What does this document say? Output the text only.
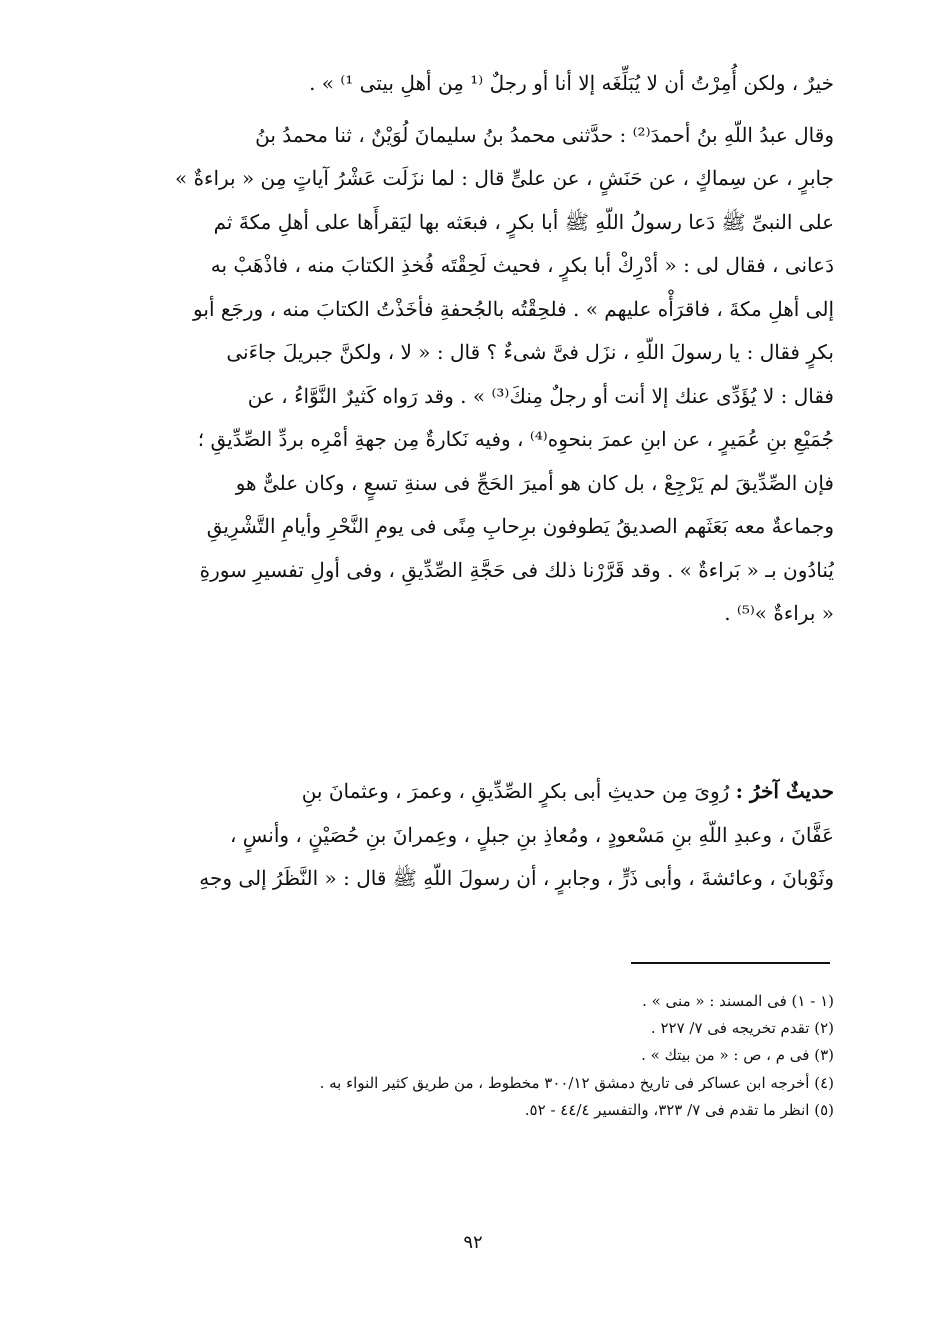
خيرٌ ، ولكن أُمِرْتُ أن لا يُبَلِّغَه إلا أنا أو رجلٌ ⁽¹ مِن أهلِ بيتى ¹⁾ » .
وقال عبدُ اللّهِ بنُ أحمدَ⁽²⁾ : حدَّثنى محمدُ بنُ سليمانَ لُوَيْنٌ ، ثنا محمدُ بنُ
جابرٍ ، عن سِماكٍ ، عن حَنَشٍ ، عن علىٍّ قال : لما نزَلَت عَشْرُ آياتٍ مِن « براءةٌ »
على النبىِّ ﷺ دَعا رسولُ اللّهِ ﷺ أبا بكرٍ ، فبعَثه بها ليَقرأَها على أهلِ مكةَ ثم
دَعانى ، فقال لى : « أدْرِكْ أبا بكرٍ ، فحيث لَحِقْتَه فُخذِ الكتابَ منه ، فاذْهَبْ به
إلى أهلِ مكةَ ، فاقرَأْه عليهم » . فلحِقْتُه بالجُحفةِ فأخَذْتُ الكتابَ منه ، ورجَع أبو
بكرٍ فقال : يا رسولَ اللّهِ ، نزَل فىَّ شىءٌ ؟ قال : « لا ، ولكنَّ جبريلَ جاءَنى
فقال : لا يُؤَدِّى عنك إلا أنت أو رجلٌ مِنكَ⁽³⁾ » . وقد رَواه كَثيرٌ النَّوَّاءُ ، عن
جُمَيْعِ بنِ عُمَيرٍ ، عن ابنِ عمرَ بنحوِه⁽⁴⁾ ، وفيه نَكارةٌ مِن جهةِ أمْرِه بردِّ الصِّدِّيقِ ؛
فإن الصِّدِّيقَ لم يَرْجِعْ ، بل كان هو أميرَ الحَجِّ فى سنةِ تسعٍ ، وكان علىٌّ هو
وجماعةٌ معه بَعَثَهم الصديقُ يَطوفون برِحابِ مِنًى فى يومِ النَّحْرِ وأيامِ التَّشْرِيقِ
يُنادُون بـ « بَراءةٌ » . وقد قَرَّرْنا ذلك فى حَجَّةِ الصِّدِّيقِ ، وفى أولِ تفسيرِ سورةِ
« براءةٌ »⁽⁵⁾ .
حديثٌ آخرُ : رُوِىَ مِن حديثِ أبى بكرٍ الصِّدِّيقِ ، وعمرَ ، وعثمانَ بنِ
عَفَّانَ ، وعبدِ اللّهِ بنِ مَسْعودٍ ، ومُعاذِ بنِ جبلٍ ، وعِمرانَ بنِ حُصَيْنٍ ، وأنسٍ ،
وثَوْبانَ ، وعائشةَ ، وأبى ذَرٍّ ، وجابرٍ ، أن رسولَ اللّهِ ﷺ قال : « النَّظَرُ إلى وجهِ
(١ - ١) فى المسند : « منى » .
(٢) تقدم تخريجه فى ٧/ ٢٢٧ .
(٣) فى م ، ص : « من بيتك » .
(٤) أخرجه ابن عساكر فى تاريخ دمشق ٣٠٠/١٢ مخطوط ، من طريق كثير النواء به .
(٥) انظر ما تقدم فى ٧/ ٣٢٣، والتفسير ٤٤/٤ - ٥٢.
٩٢
